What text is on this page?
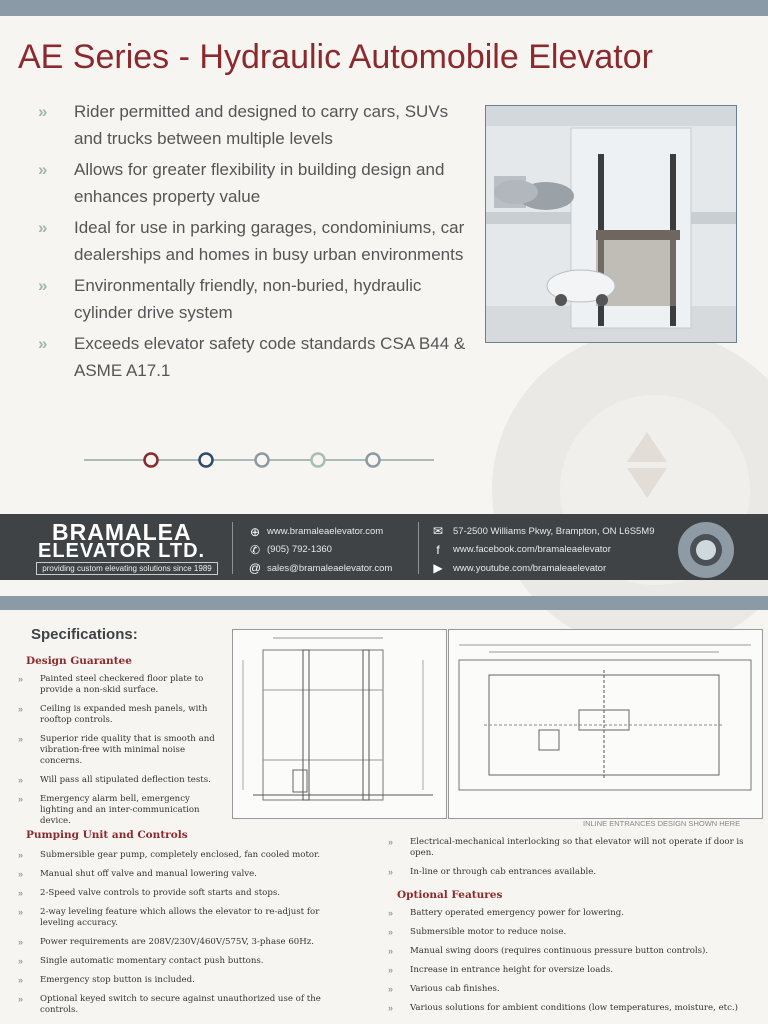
AE Series - Hydraulic Automobile Elevator
» Rider permitted and designed to carry cars, SUVs and trucks between multiple levels
» Allows for greater flexibility in building design and enhances property value
» Ideal for use in parking garages, condominiums, car dealerships and homes in busy urban environments
» Environmentally friendly, non-buried, hydraulic cylinder drive system
» Exceeds elevator safety code standards CSA B44 & ASME A17.1
BRAMALEA
ELEVATOR LTD.
providing custom elevating solutions since 1989
⊕ www.bramaleaelevator.com
✆ (905) 792-1360
@ sales@bramaleaelevator.com
✉ 57-2500 Williams Pkwy, Brampton, ON L6S5M9
f	www.facebook.com/bramaleaelevator
▶ www.youtube.com/bramaleaelevator
Specifications:
Design Guarantee
» Painted steel checkered floor plate to provide a non-skid surface.
» Ceiling is expanded mesh panels, with rooftop controls.
» Superior ride quality that is smooth and vibration-free with minimal noise concerns.
» Will pass all stipulated deflection tests.
» Emergency alarm bell, emergency lighting and an inter-communication device.	INLINE ENTRANCES DESIGN SHOWN HERE
Pumping Unit and Controls
» Submersible gear pump, completely enclosed, fan cooled motor.
» Manual shut off valve and manual lowering valve.
» 2-Speed valve controls to provide soft starts and stops.
» 2-way leveling feature which allows the elevator to re-adjust for leveling accuracy.
» Power requirements are 208V/230V/460V/575V, 3-phase 60Hz.
» Single automatic momentary contact push buttons.
» Emergency stop button is included.
» Optional keyed switch to secure against unauthorized use of the controls.
» Electrical-mechanical interlocking so that elevator will not operate if door is open.
» In-line or through cab entrances available.
Optional Features
» Battery operated emergency power for lowering.
» Submersible motor to reduce noise.
» Manual swing doors (requires continuous pressure button controls).
» Increase in entrance height for oversize loads.
» Various cab finishes.
» Various solutions for ambient conditions (low temperatures, moisture, etc.)
